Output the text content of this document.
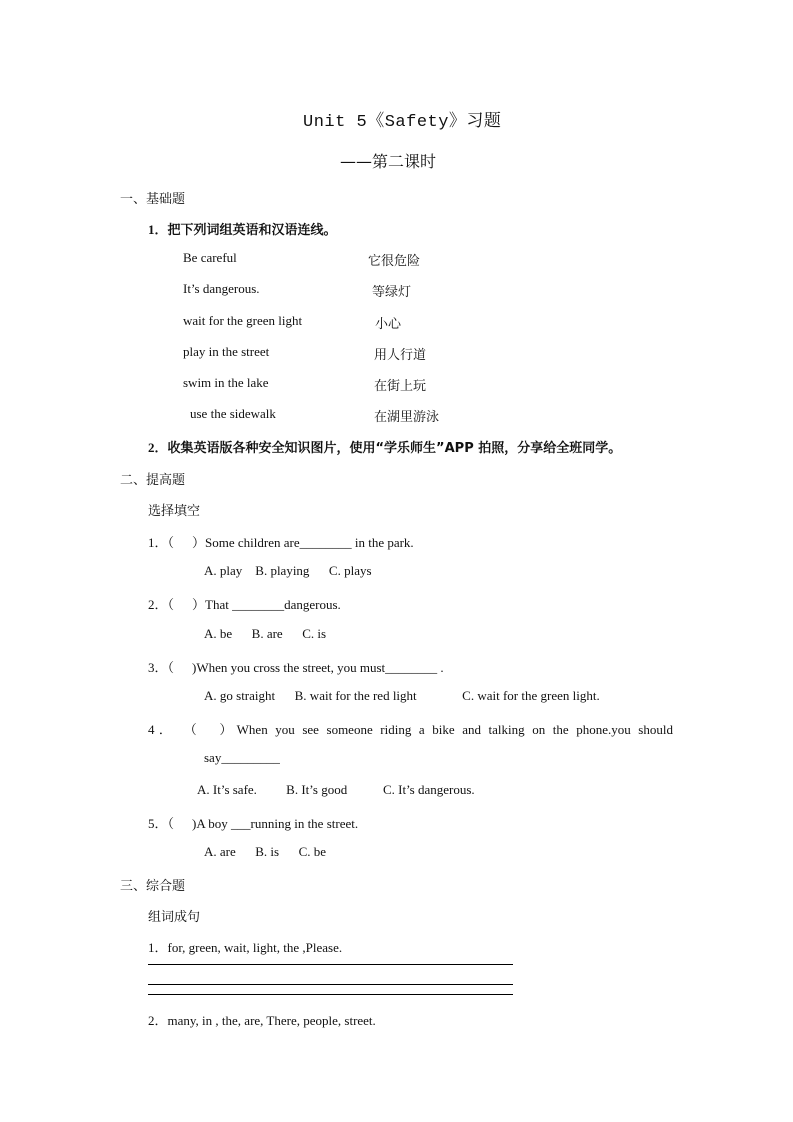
Unit 5《Safety》习题
——第二课时
一、基础题
1．把下列词组英语和汉语连线。
Be careful	它很危险
It’s dangerous.	等绿灯
wait for the green light	小心
play in the street	用人行道
swim in the lake	在街上玩
use the sidewalk	在湖里游泳
2．收集英语版各种安全知识图片，使用“学乐师生”APP 拍照，分享给全班同学。
二、提高题
选择填空
1．（ ）Some children are________ in the park.
A. play    B. playing      C. plays
2．（ ）That ________dangerous.
A. be      B. are      C. is
3．（ )When you cross the street, you must________ .
A. go straight      B. wait for the red light              C. wait for the green light.
4． （ ）When you see someone riding a bike and talking on the phone.you should
say_________
A. It’s safe.         B. It’s good           C. It’s dangerous.
5．（ )A boy ___running in the street.
A. are      B. is      C. be
三、综合题
组词成句
1．for, green, wait, light, the ,Please.
2．many, in , the, are, There, people, street.
